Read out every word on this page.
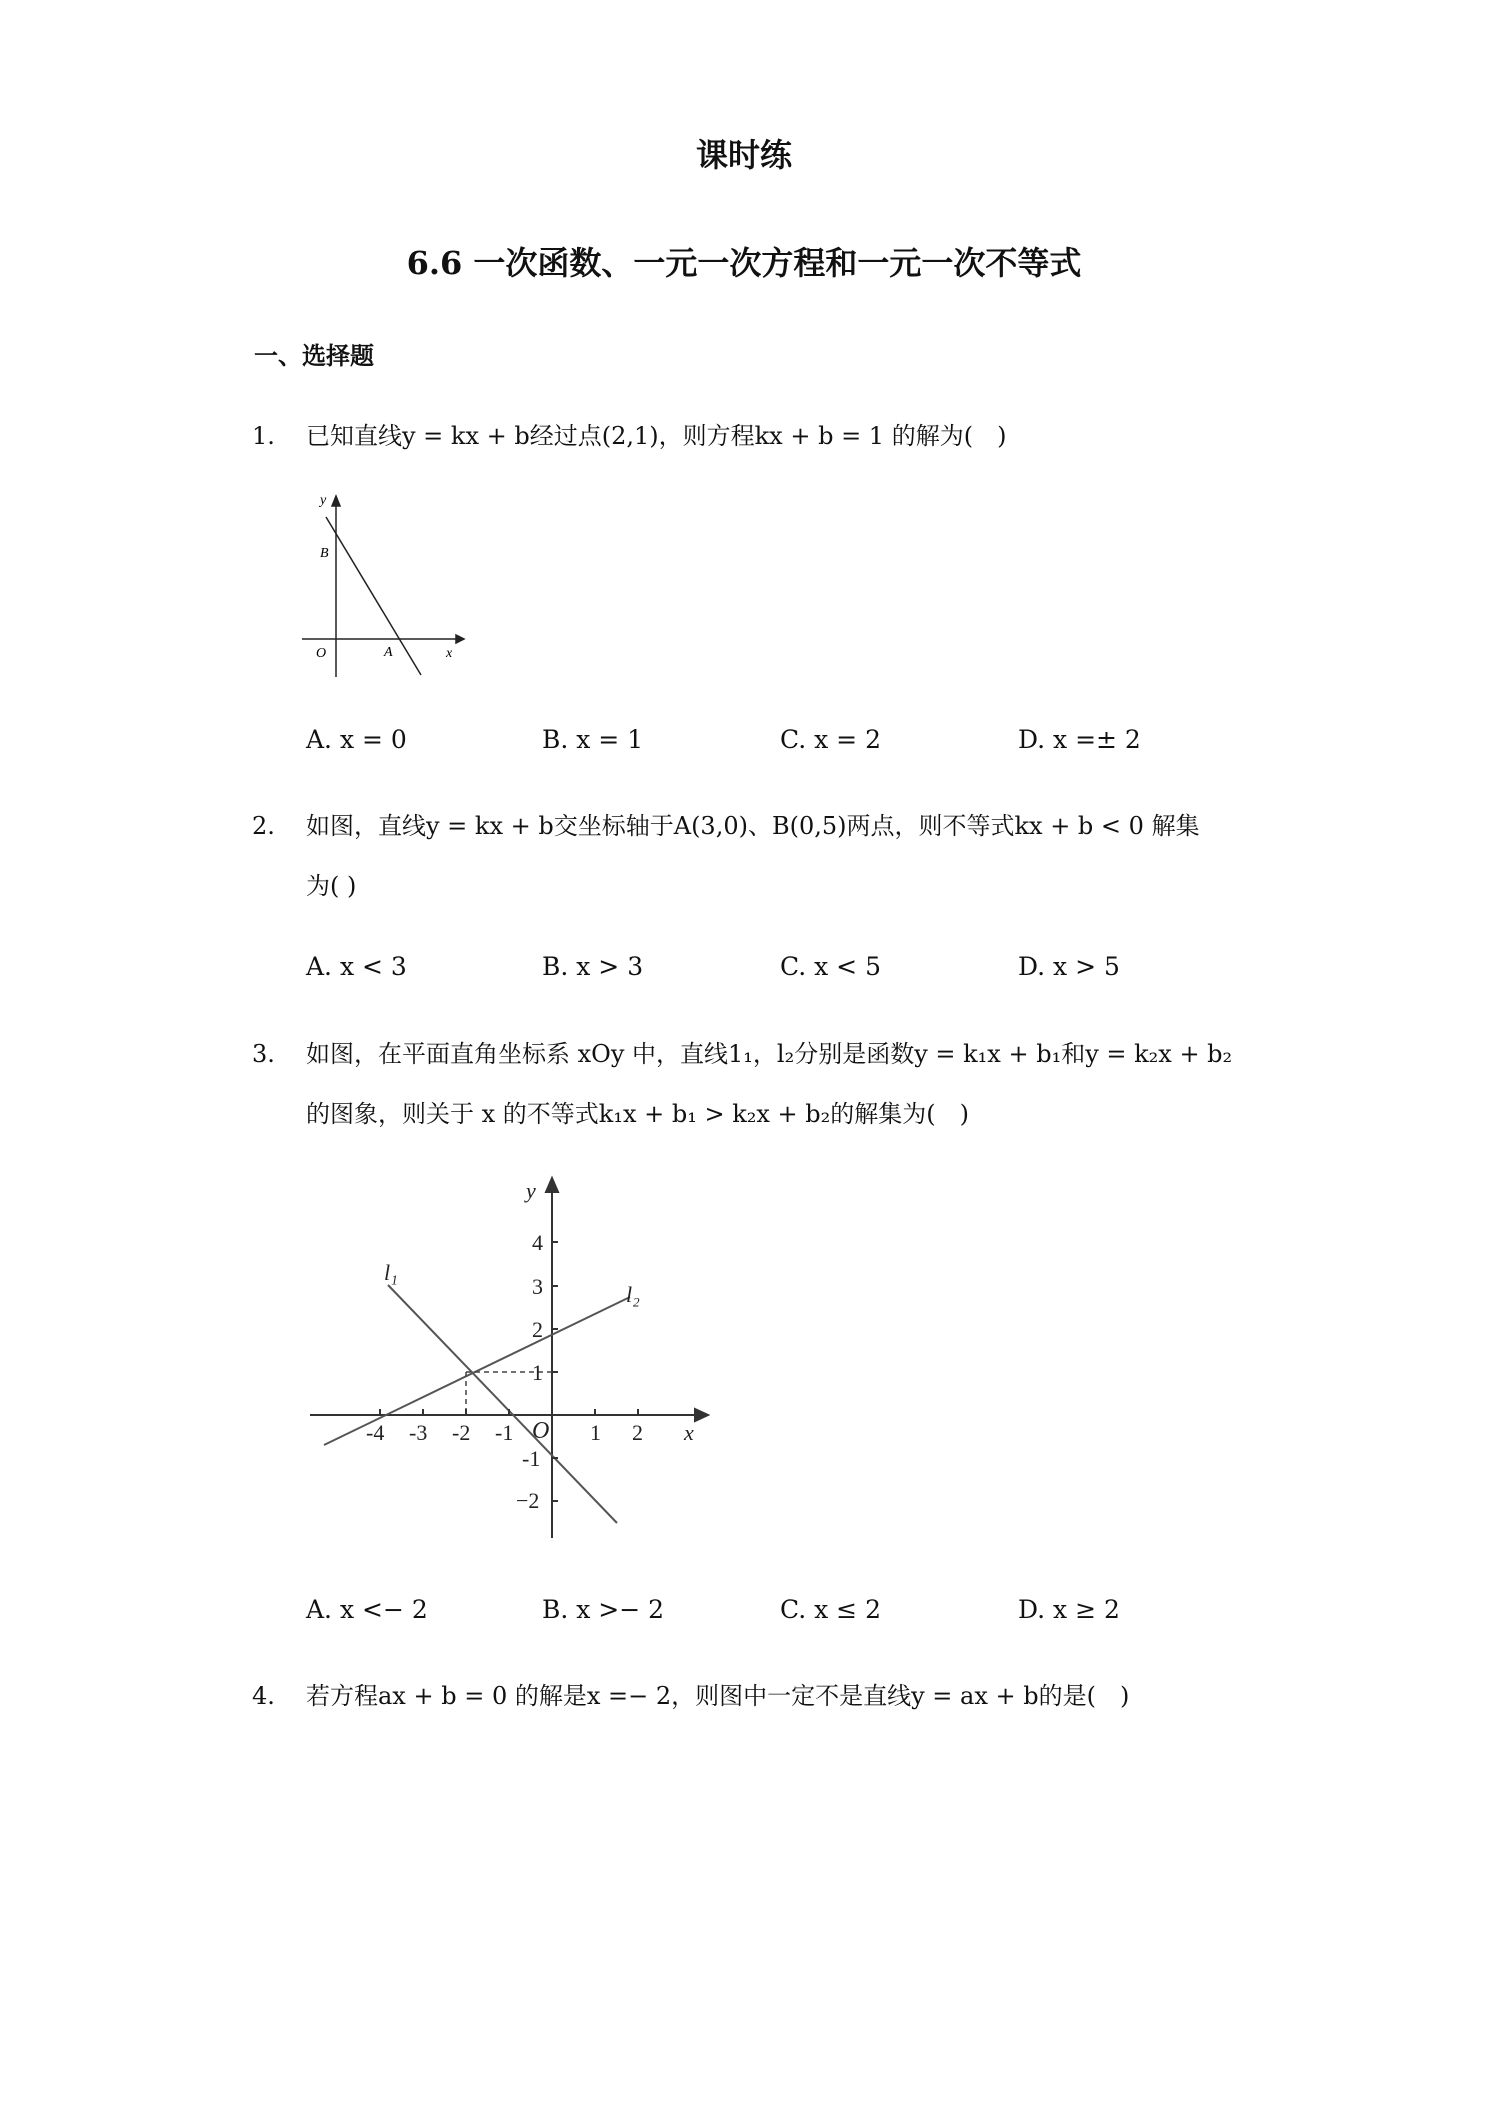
课时练
6.6 一次函数、一元一次方程和一元一次不等式
一、选择题
1. 已知直线y = kx + b经过点(2,1)，则方程kx + b = 1 的解为(　)
y
B
O	A	x
A. x = 0	B. x = 1	C. x = 2	D. x =± 2
2. 如图，直线y = kx + b交坐标轴于A(3,0)、B(0,5)两点，则不等式kx + b < 0 解集
为( )
A. x < 3	B. x > 3	C. x < 5	D. x > 5
3. 如图，在平面直角坐标系 xOy 中，直线1₁，l₂分别是函数y = k₁x + b₁和y = k₂x + b₂
的图象，则关于 x 的不等式k₁x + b₁ > k₂x + b₂的解集为(　)
y
4
3
2
1
-1
−2
-4 -3 -2 -1	1 2 x
O
l₁
l₂
A. x <− 2	B. x >− 2	C. x ≤ 2	D. x ≥ 2
4. 若方程ax + b = 0 的解是x =− 2，则图中一定不是直线y = ax + b的是(　)
